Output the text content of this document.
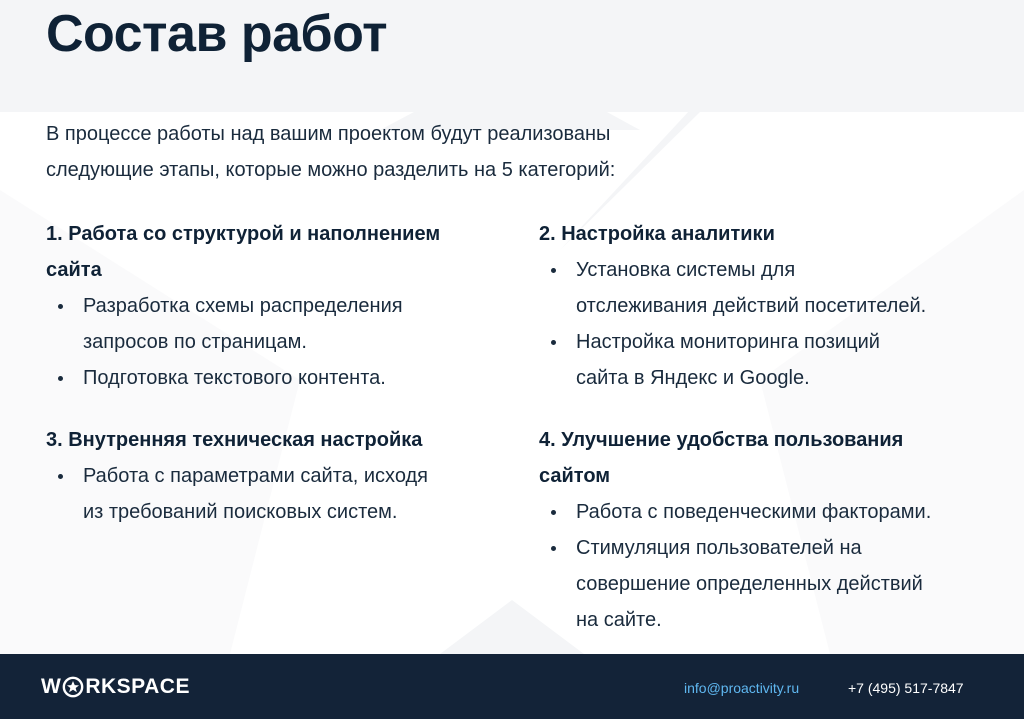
Состав работ

В процессе работы над вашим проектом будут реализованы
следующие этапы, которые можно разделить на 5 категорий:

1. Работа со структурой и наполнением
сайта
Разработка схемы распределения
запросов по страницам.
Подготовка текстового контента.
2. Настройка аналитики
Установка системы для
отслеживания действий посетителей.
Настройка мониторинга позиций
сайта в Яндекс и Google.
3. Внутренняя техническая настройка
Работа с параметрами сайта, исходя
из требований поисковых систем.
4. Улучшение удобства пользования
сайтом
Работа с поведенческими факторами.
Стимуляция пользователей на
совершение определенных действий
на сайте.
W RKSPACE	info@proactivity.ru	+7 (495) 517-7847
